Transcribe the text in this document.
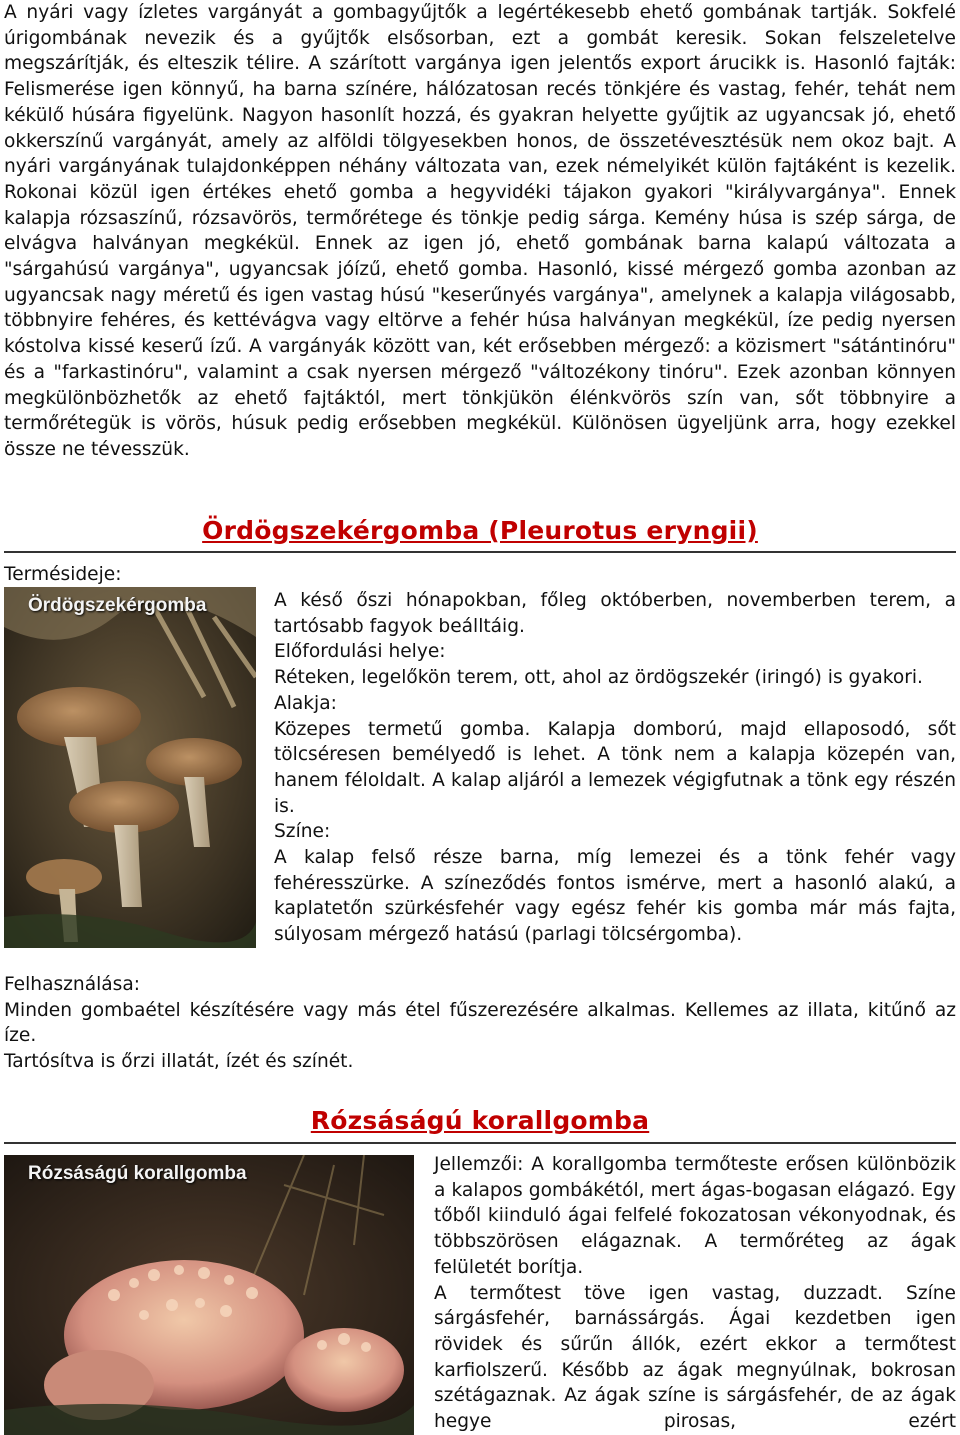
A nyári vagy ízletes vargányát a gombagyűjtők a legértékesebb ehető gombának tartják. Sokfelé úrigombának nevezik és a gyűjtők elsősorban, ezt a gombát keresik. Sokan felszeletelve megszárítják, és elteszik télire. A szárított vargánya igen jelentős export árucikk is. Hasonló fajták: Felismerése igen könnyű, ha barna színére, hálózatosan recés tönkjére és vastag, fehér, tehát nem kékülő húsára figyelünk. Nagyon hasonlít hozzá, és gyakran helyette gyűjtik az ugyancsak jó, ehető okkerszínű vargányát, amely az alföldi tölgyesekben honos, de összetévesztésük nem okoz bajt. A nyári vargányának tulajdonképpen néhány változata van, ezek némelyikét külön fajtáként is kezelik. Rokonai közül igen értékes ehető gomba a hegyvidéki tájakon gyakori "királyvargánya". Ennek kalapja rózsaszínű, rózsavörös, termőrétege és tönkje pedig sárga. Kemény húsa is szép sárga, de elvágva halványan megkékül. Ennek az igen jó, ehető gombának barna kalapú változata a "sárgahúsú vargánya", ugyancsak jóízű, ehető gomba. Hasonló, kissé mérgező gomba azonban az ugyancsak nagy méretű és igen vastag húsú "keserűnyés vargánya", amelynek a kalapja világosabb, többnyire fehéres, és kettévágva vagy eltörve a fehér húsa halványan megkékül, íze pedig nyersen kóstolva kissé keserű ízű. A vargányák között van, két erősebben mérgező: a közismert "sátántinóru" és a "farkastinóru", valamint a csak nyersen mérgező "változékony tinóru". Ezek azonban könnyen megkülönbözhetők az ehető fajtáktól, mert tönkjükön élénkvörös szín van, sőt többnyire a termőrétegük is vörös, húsuk pedig erősebben megkékül. Különösen ügyeljünk arra, hogy ezekkel össze ne tévesszük.

Ördögszekérgomba (Pleurotus eryngii)

Termésideje:

Ördögszekérgomba	A késő őszi hónapokban, főleg októberben, novemberben terem, a tartósabb fagyok beálltáig.

Előfordulási helye:

Réteken, legelőkön terem, ott, ahol az ördögszekér (iringó) is gyakori.

Alakja:

Közepes termetű gomba. Kalapja domború, majd ellaposodó, sőt tölcséresen bemélyedő is lehet. A tönk nem a kalapja közepén van, hanem féloldalt. A kalap aljáról a lemezek végigfutnak a tönk egy részén is.

Színe:

A kalap felső része barna, míg lemezei és a tönk fehér vagy fehéresszürke. A színeződés fontos ismérve, mert a hasonló alakú, a kaplatetőn szürkésfehér vagy egész fehér kis gomba már más fajta, súlyosam mérgező hatású (parlagi tölcsérgomba).

Felhasználása:

Minden gombaétel készítésére vagy más étel fűszerezésére alkalmas. Kellemes az illata, kitűnő az íze.

Tartósítva is őrzi illatát, ízét és színét.

Rózsáságú korallgomba
Rózsáságú korallgomba	Jellemzői: A korallgomba termőteste erősen különbözik a kalapos gombákétól, mert ágas-bogasan elágazó. Egy tőből kiinduló ágai felfelé fokozatosan vékonyodnak, és többszörösen elágaznak. A termőréteg az ágak felületét borítja.

A termőtest töve igen vastag, duzzadt. Színe sárgásfehér, barnássárgás. Ágai kezdetben igen rövidek és sűrűn állók, ezért ekkor a termőtest karfiolszerű. Később az ágak megnyúlnak, bokrosan szétágaznak. Az ágak színe is sárgásfehér, de az ágak hegye pirosas, ezért
